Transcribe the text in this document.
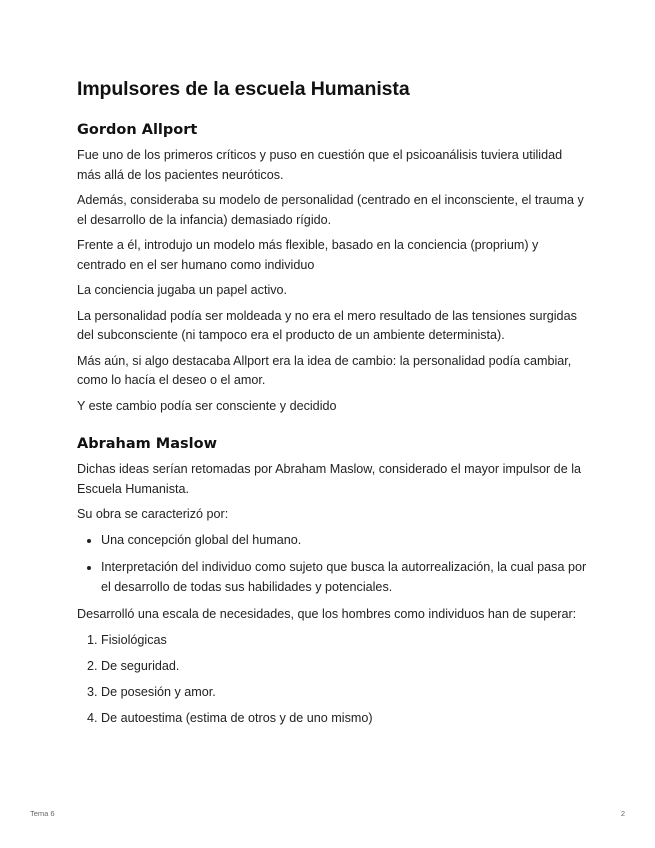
Impulsores de la escuela Humanista
Gordon Allport

Fue uno de los primeros críticos y puso en cuestión que el psicoanálisis tuviera utilidad más allá de los pacientes neuróticos.

Además, consideraba su modelo de personalidad (centrado en el inconsciente, el trauma y el desarrollo de la infancia) demasiado rígido.

Frente a él, introdujo un modelo más flexible, basado en la conciencia (proprium) y centrado en el ser humano como individuo

La conciencia jugaba un papel activo.

La personalidad podía ser moldeada y no era el mero resultado de las tensiones surgidas del subconsciente (ni tampoco era el producto de un ambiente determinista).

Más aún, si algo destacaba Allport era la idea de cambio: la personalidad podía cambiar, como lo hacía el deseo o el amor.

Y este cambio podía ser consciente y decidido

Abraham Maslow

Dichas ideas serían retomadas por Abraham Maslow, considerado el mayor impulsor de la Escuela Humanista.

Su obra se caracterizó por:

• Una concepción global del humano.
• Interpretación del individuo como sujeto que busca la autorrealización, la cual pasa por el desarrollo de todas sus habilidades y potenciales.

Desarrolló una escala de necesidades, que los hombres como individuos han de superar:

1. Fisiológicas
2. De seguridad.
3. De posesión y amor.
4. De autoestima (estima de otros y de uno mismo)
Tema 6	2
